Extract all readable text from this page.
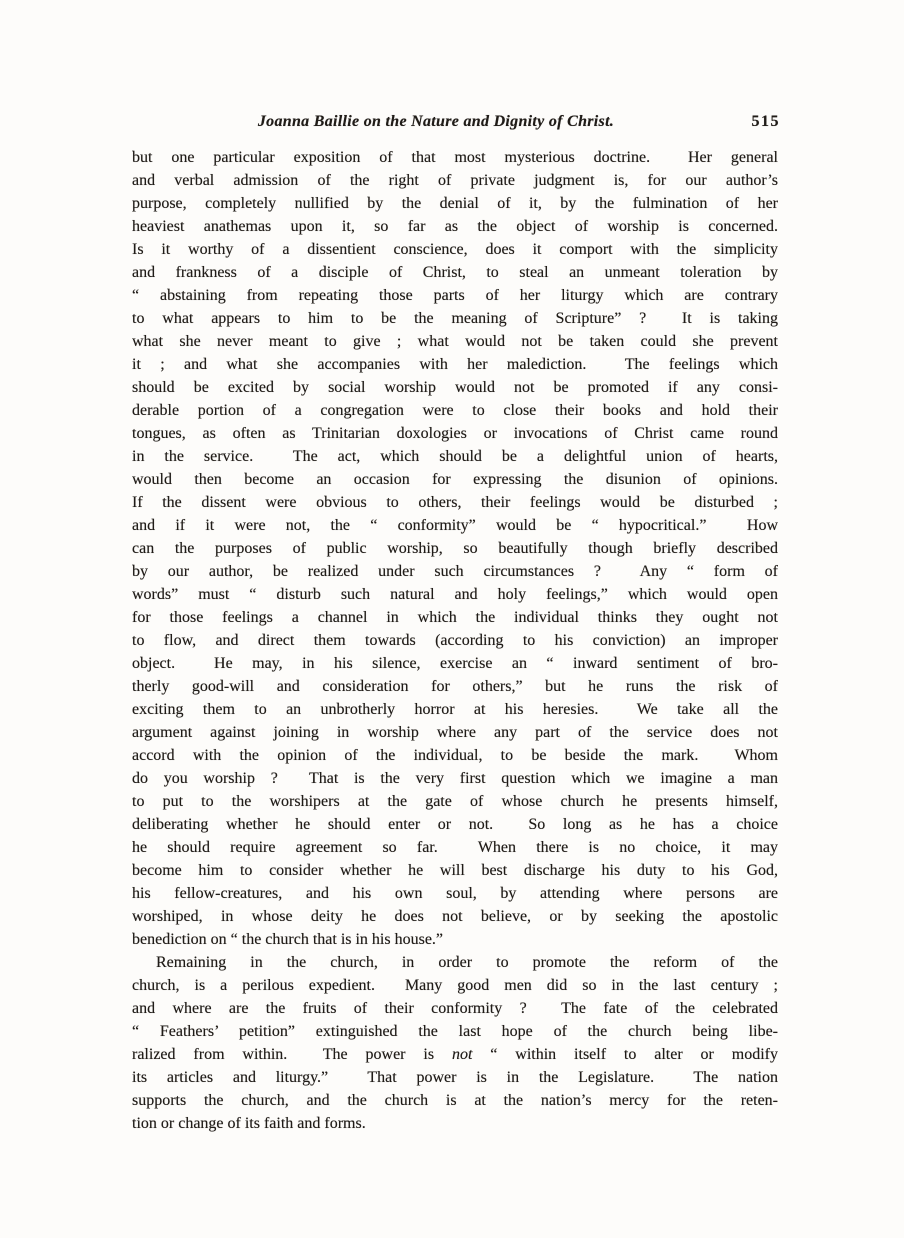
Joanna Baillie on the Nature and Dignity of Christ.	515
but one particular exposition of that most mysterious doctrine.  Her general
and verbal admission of the right of private judgment is, for our author’s
purpose, completely nullified by the denial of it, by the fulmination of her
heaviest anathemas upon it, so far as the object of worship is concerned.
Is it worthy of a dissentient conscience, does it comport with the simplicity
and frankness of a disciple of Christ, to steal an unmeant toleration by
“ abstaining from repeating those parts of her liturgy which are contrary
to what appears to him to be the meaning of Scripture” ?  It is taking
what she never meant to give ; what would not be taken could she prevent
it ; and what she accompanies with her malediction.  The feelings which
should be excited by social worship would not be promoted if any consi-
derable portion of a congregation were to close their books and hold their
tongues, as often as Trinitarian doxologies or invocations of Christ came round
in the service.  The act, which should be a delightful union of hearts,
would then become an occasion for expressing the disunion of opinions.
If the dissent were obvious to others, their feelings would be disturbed ;
and if it were not, the “ conformity” would be “ hypocritical.”  How
can the purposes of public worship, so beautifully though briefly described
by our author, be realized under such circumstances ?  Any “ form of
words” must “ disturb such natural and holy feelings,” which would open
for those feelings a channel in which the individual thinks they ought not
to flow, and direct them towards (according to his conviction) an improper
object.  He may, in his silence, exercise an “ inward sentiment of bro-
therly good-will and consideration for others,” but he runs the risk of
exciting them to an unbrotherly horror at his heresies.  We take all the
argument against joining in worship where any part of the service does not
accord with the opinion of the individual, to be beside the mark.  Whom
do you worship ?  That is the very first question which we imagine a man
to put to the worshipers at the gate of whose church he presents himself,
deliberating whether he should enter or not.  So long as he has a choice
he should require agreement so far.  When there is no choice, it may
become him to consider whether he will best discharge his duty to his God,
his fellow-creatures, and his own soul, by attending where persons are
worshiped, in whose deity he does not believe, or by seeking the apostolic
benediction on “ the church that is in his house.”
Remaining in the church, in order to promote the reform of the
church, is a perilous expedient.  Many good men did so in the last century ;
and where are the fruits of their conformity ?  The fate of the celebrated
“ Feathers’ petition” extinguished the last hope of the church being libe-
ralized from within.  The power is not “ within itself to alter or modify
its articles and liturgy.”  That power is in the Legislature.  The nation
supports the church, and the church is at the nation’s mercy for the reten-
tion or change of its faith and forms.
